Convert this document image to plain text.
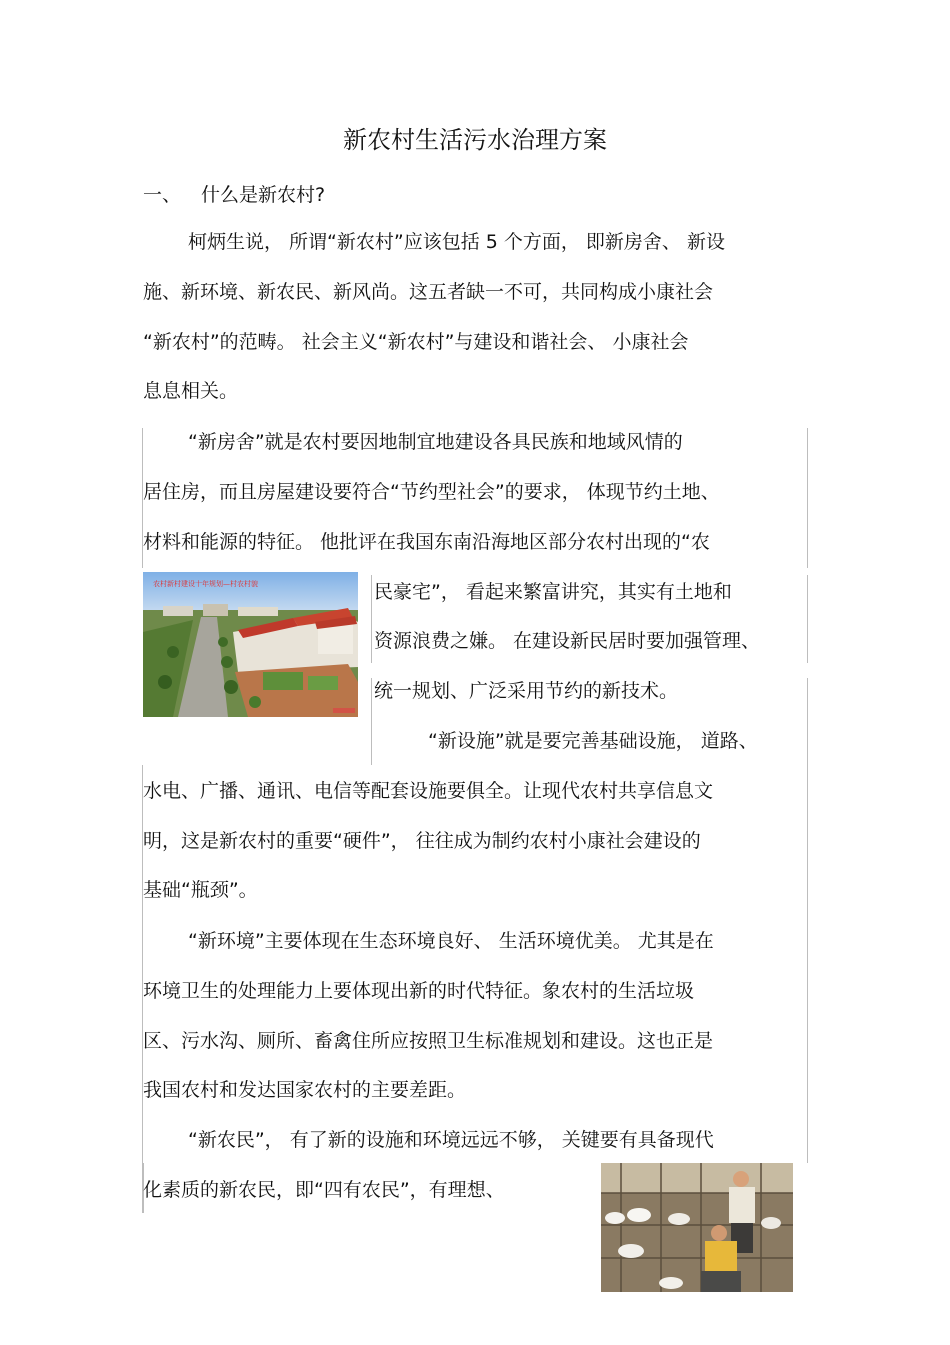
新农村生活污水治理方案
一、 什么是新农村?
柯炳生说， 所谓“新农村”应该包括 5 个方面， 即新房舍、 新设
施、新环境、新农民、新风尚。这五者缺一不可，共同构成小康社会
“新农村”的范畴。 社会主义“新农村”与建设和谐社会、 小康社会
息息相关。
“新房舍”就是农村要因地制宜地建设各具民族和地域风情的
居住房，而且房屋建设要符合“节约型社会”的要求， 体现节约土地、
材料和能源的特征。 他批评在我国东南沿海地区部分农村出现的“农
民豪宅”， 看起来繁富讲究，其实有土地和
资源浪费之嫌。 在建设新民居时要加强管理、
统一规划、广泛采用节约的新技术。
“新设施”就是要完善基础设施， 道路、
水电、广播、通讯、电信等配套设施要俱全。让现代农村共享信息文
明，这是新农村的重要“硬件”， 往往成为制约农村小康社会建设的
基础“瓶颈”。
“新环境”主要体现在生态环境良好、 生活环境优美。 尤其是在
环境卫生的处理能力上要体现出新的时代特征。象农村的生活垃圾
区、污水沟、厕所、畜禽住所应按照卫生标准规划和建设。这也正是
我国农村和发达国家农村的主要差距。
“新农民”， 有了新的设施和环境远远不够， 关键要有具备现代
化素质的新农民，即“四有农民”，有理想、
农村新村建设十年规划—村农村貌
